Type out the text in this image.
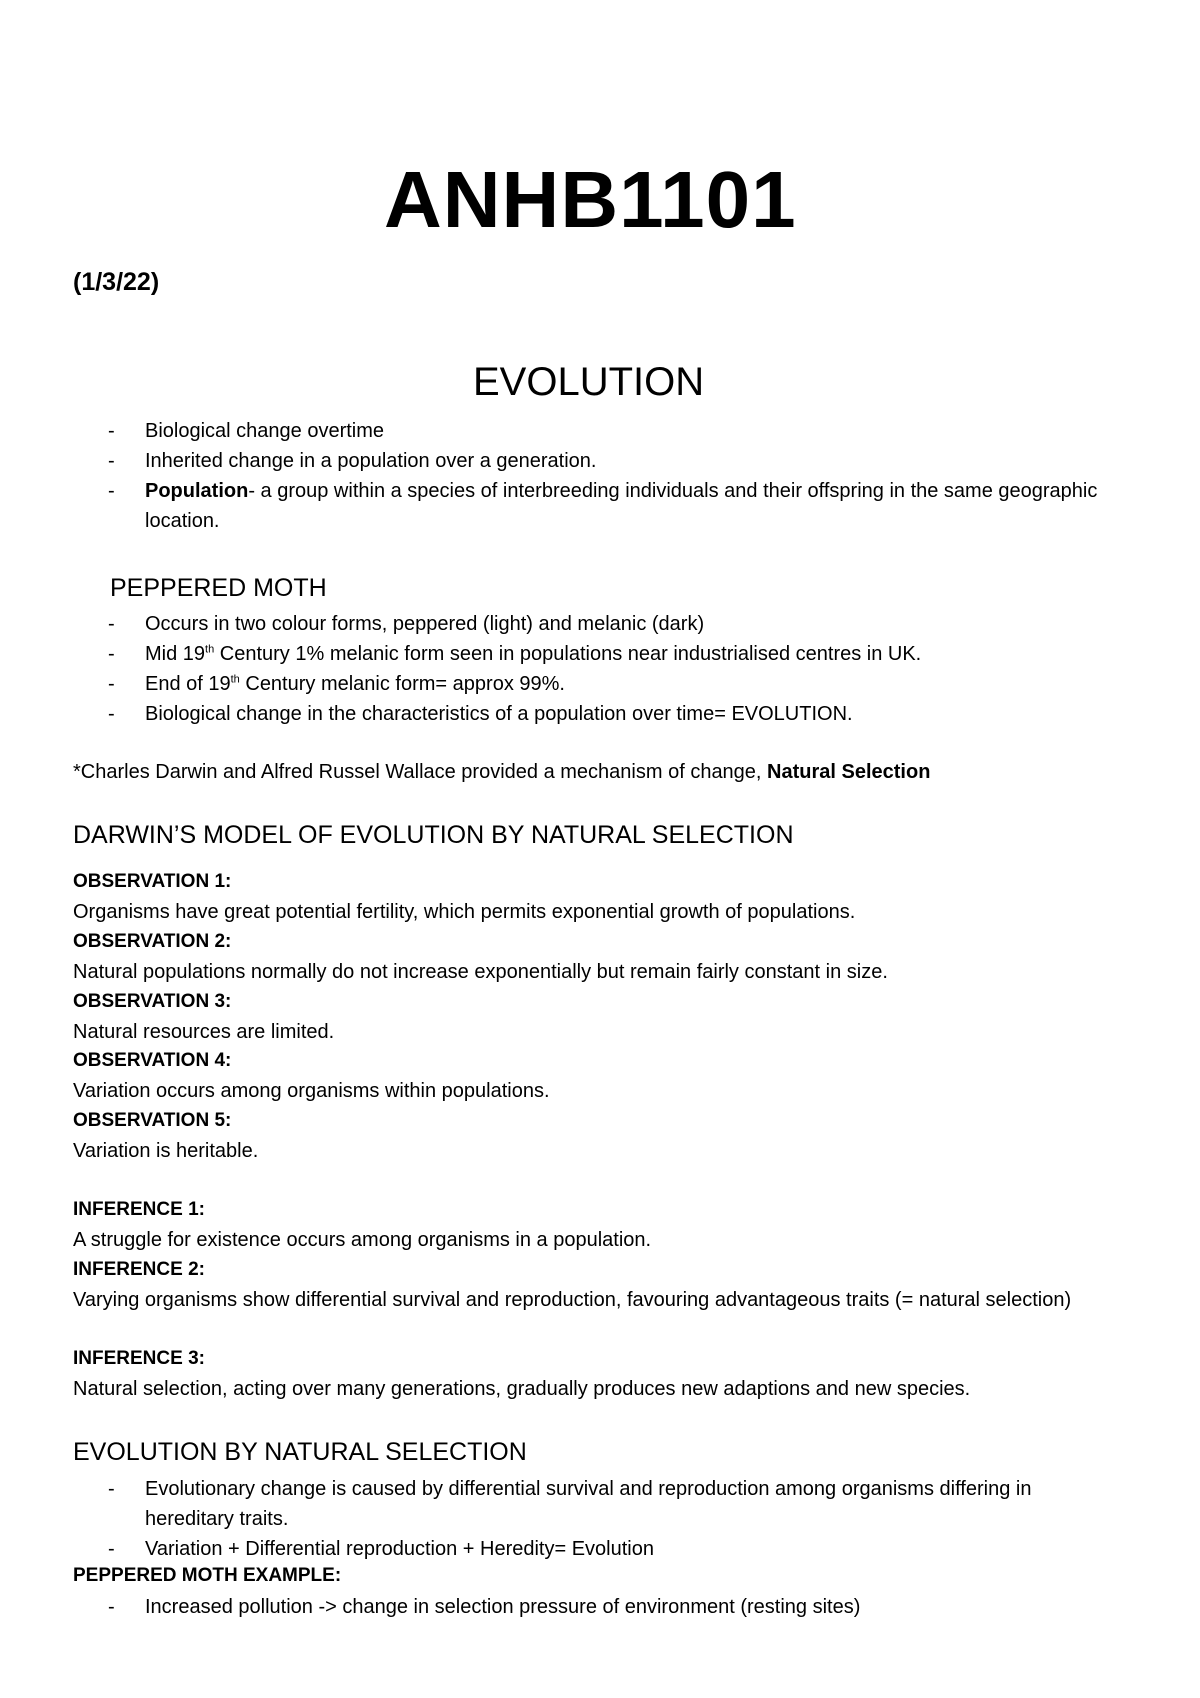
ANHB1101
(1/3/22)
EVOLUTION
- Biological change overtime
- Inherited change in a population over a generation.
- Population- a group within a species of interbreeding individuals and their offspring in the same geographic location.
PEPPERED MOTH
- Occurs in two colour forms, peppered (light) and melanic (dark)
- Mid 19th Century 1% melanic form seen in populations near industrialised centres in UK.
- End of 19th Century melanic form= approx 99%.
- Biological change in the characteristics of a population over time= EVOLUTION.
*Charles Darwin and Alfred Russel Wallace provided a mechanism of change, Natural Selection
DARWIN’S MODEL OF EVOLUTION BY NATURAL SELECTION
OBSERVATION 1:
Organisms have great potential fertility, which permits exponential growth of populations.
OBSERVATION 2:
Natural populations normally do not increase exponentially but remain fairly constant in size.
OBSERVATION 3:
Natural resources are limited.
OBSERVATION 4:
Variation occurs among organisms within populations.
OBSERVATION 5:
Variation is heritable.
INFERENCE 1:
A struggle for existence occurs among organisms in a population.
INFERENCE 2:
Varying organisms show differential survival and reproduction, favouring advantageous traits (= natural selection)
INFERENCE 3:
Natural selection, acting over many generations, gradually produces new adaptions and new species.
EVOLUTION BY NATURAL SELECTION
- Evolutionary change is caused by differential survival and reproduction among organisms differing in hereditary traits.
- Variation + Differential reproduction + Heredity= Evolution
PEPPERED MOTH EXAMPLE:
- Increased pollution -> change in selection pressure of environment (resting sites)
